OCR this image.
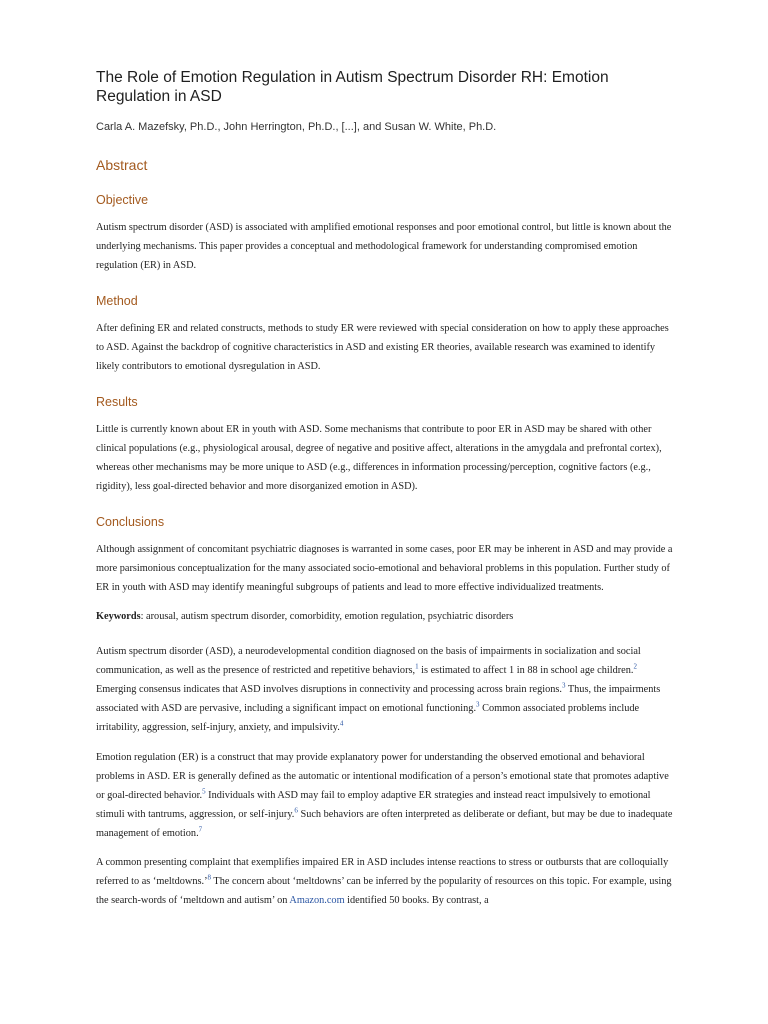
The Role of Emotion Regulation in Autism Spectrum Disorder RH: Emotion Regulation in ASD
Carla A. Mazefsky, Ph.D., John Herrington, Ph.D., [...], and Susan W. White, Ph.D.
Abstract
Objective

Autism spectrum disorder (ASD) is associated with amplified emotional responses and poor emotional control, but little is known about the underlying mechanisms. This paper provides a conceptual and methodological framework for understanding compromised emotion regulation (ER) in ASD.

Method

After defining ER and related constructs, methods to study ER were reviewed with special consideration on how to apply these approaches to ASD. Against the backdrop of cognitive characteristics in ASD and existing ER theories, available research was examined to identify likely contributors to emotional dysregulation in ASD.

Results

Little is currently known about ER in youth with ASD. Some mechanisms that contribute to poor ER in ASD may be shared with other clinical populations (e.g., physiological arousal, degree of negative and positive affect, alterations in the amygdala and prefrontal cortex), whereas other mechanisms may be more unique to ASD (e.g., differences in information processing/perception, cognitive factors (e.g., rigidity), less goal-directed behavior and more disorganized emotion in ASD).

Conclusions

Although assignment of concomitant psychiatric diagnoses is warranted in some cases, poor ER may be inherent in ASD and may provide a more parsimonious conceptualization for the many associated socio-emotional and behavioral problems in this population. Further study of ER in youth with ASD may identify meaningful subgroups of patients and lead to more effective individualized treatments.

Keywords: arousal, autism spectrum disorder, comorbidity, emotion regulation, psychiatric disorders

Autism spectrum disorder (ASD), a neurodevelopmental condition diagnosed on the basis of impairments in socialization and social communication, as well as the presence of restricted and repetitive behaviors,$^1$ is estimated to affect 1 in 88 in school age children.$^2$ Emerging consensus indicates that ASD involves disruptions in connectivity and processing across brain regions.$^3$ Thus, the impairments associated with ASD are pervasive, including a significant impact on emotional functioning.$^3$ Common associated problems include irritability, aggression, self-injury, anxiety, and impulsivity.$^4$

Emotion regulation (ER) is a construct that may provide explanatory power for understanding the observed emotional and behavioral problems in ASD. ER is generally defined as the automatic or intentional modification of a person’s emotional state that promotes adaptive or goal-directed behavior.$^5$ Individuals with ASD may fail to employ adaptive ER strategies and instead react impulsively to emotional stimuli with tantrums, aggression, or self-injury.$^6$ Such behaviors are often interpreted as deliberate or defiant, but may be due to inadequate management of emotion.$^7$

A common presenting complaint that exemplifies impaired ER in ASD includes intense reactions to stress or outbursts that are colloquially referred to as ‘meltdowns.’$^8$ The concern about ‘meltdowns’ can be inferred by the popularity of resources on this topic. For example, using the search-words of ‘meltdown and autism’ on Amazon.com identified 50 books. By contrast, a
